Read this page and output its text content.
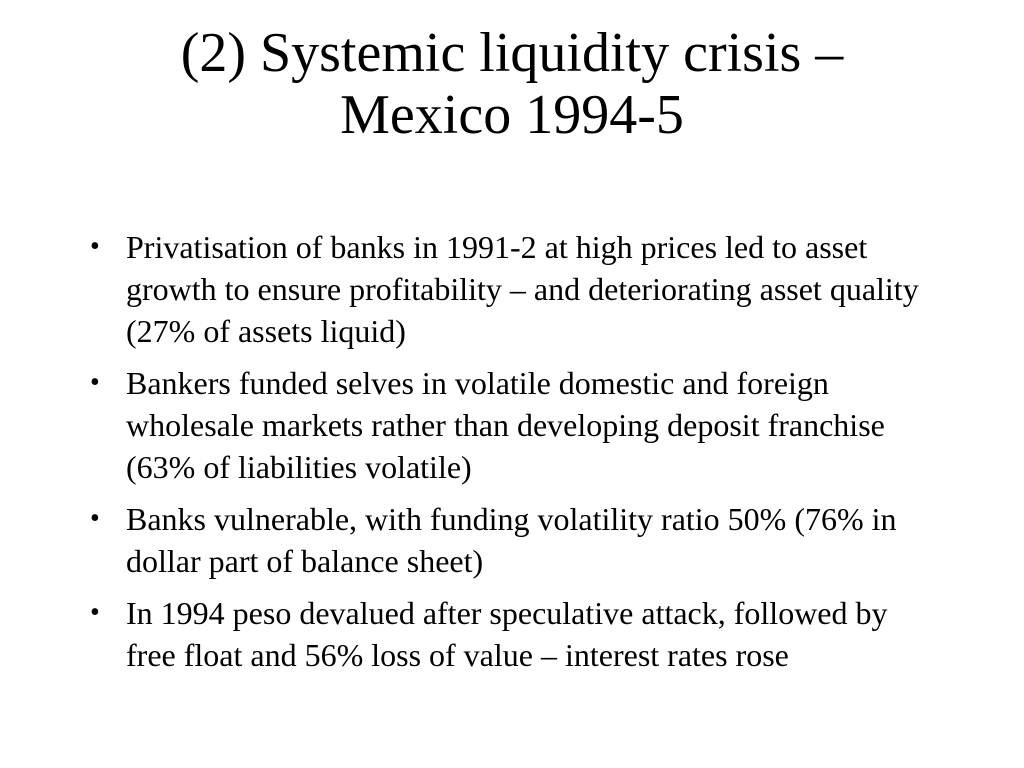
(2) Systemic liquidity crisis –
Mexico 1994-5
• Privatisation of banks in 1991-2 at high prices led to asset growth to ensure profitability – and deteriorating asset quality (27% of assets liquid)
• Bankers funded selves in volatile domestic and foreign wholesale markets rather than developing deposit franchise (63% of liabilities volatile)
• Banks vulnerable, with funding volatility ratio 50% (76% in dollar part of balance sheet)
• In 1994 peso devalued after speculative attack, followed by free float and 56% loss of value – interest rates rose
